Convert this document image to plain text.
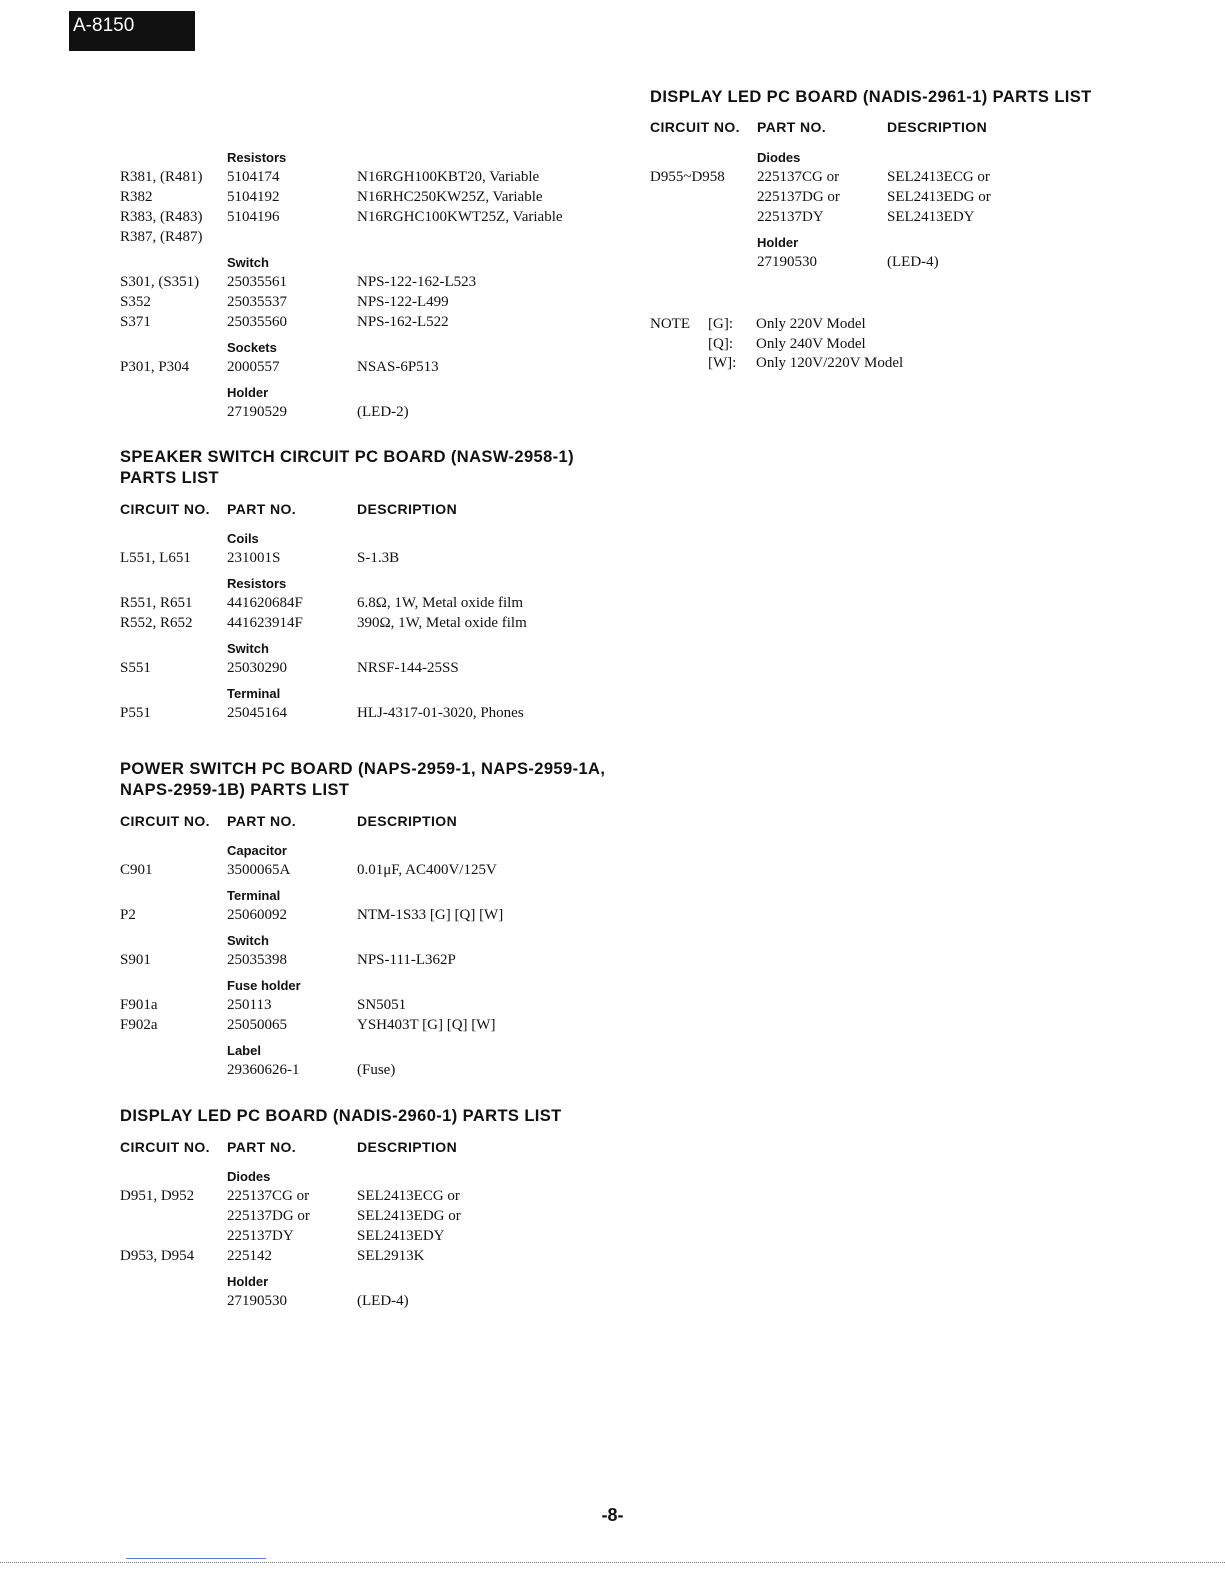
A-8150
Resistors
R381, (R481) 5104174	N16RGH100KBT20, Variable
R382	5104192	N16RHC250KW25Z, Variable
R383, (R483) 5104196	N16RGHC100KWT25Z, Variable
R387, (R487)
Switch
S301, (S351) 25035561	NPS-122-162-L523
S352	25035537	NPS-122-L499
S371	25035560	NPS-162-L522
Sockets
P301, P304	2000557	NSAS-6P513
Holder
27190529	(LED-2)
SPEAKER SWITCH CIRCUIT PC BOARD (NASW-2958-1)
PARTS LIST
CIRCUIT NO. PART NO.	DESCRIPTION
Coils
L551, L651 231001S	S-1.3B
Resistors
R551, R651 441620684F	6.8Ω, 1W, Metal oxide film
R552, R652 441623914F	390Ω, 1W, Metal oxide film
Switch
S551	25030290	NRSF-144-25SS
Terminal
P551	25045164	HLJ-4317-01-3020, Phones
POWER SWITCH PC BOARD (NAPS-2959-1, NAPS-2959-1A,
NAPS-2959-1B) PARTS LIST
CIRCUIT NO. PART NO.	DESCRIPTION
Capacitor
C901	3500065A	0.01μF, AC400V/125V
Terminal
P2	25060092	NTM-1S33 [G] [Q] [W]
Switch
S901	25035398	NPS-111-L362P
Fuse holder
F901a	250113	SN5051
F902a	25050065	YSH403T [G] [Q] [W]
Label
29360626-1	(Fuse)
DISPLAY LED PC BOARD (NADIS-2960-1) PARTS LIST
CIRCUIT NO. PART NO.	DESCRIPTION
Diodes
D951, D952 225137CG or	SEL2413ECG or
225137DG or	SEL2413EDG or
225137DY	SEL2413EDY
D953, D954 225142	SEL2913K
Holder
27190530	(LED-4)
DISPLAY LED PC BOARD (NADIS-2961-1) PARTS LIST
CIRCUIT NO. PART NO.	DESCRIPTION
Diodes
D955~D958 225137CG or	SEL2413ECG or
225137DG or	SEL2413EDG or
225137DY	SEL2413EDY
Holder
27190530	(LED-4)
NOTE [G]: Only 220V Model
[Q]: Only 240V Model
[W]: Only 120V/220V Model
-8-
